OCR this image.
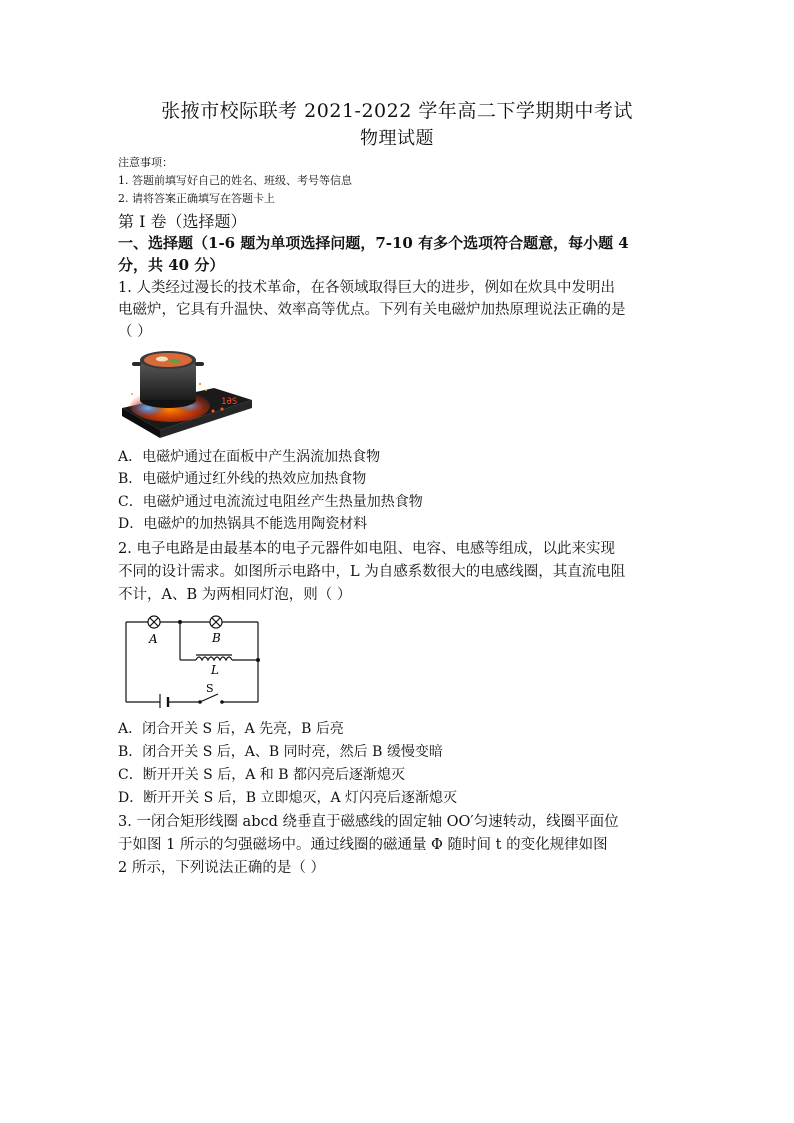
张掖市校际联考 2021-2022 学年高二下学期期中考试
物理试题
注意事项：
1. 答题前填写好自己的姓名、班级、考号等信息
2. 请将答案正确填写在答题卡上
第 I 卷（选择题）
一、选择题（1-6 题为单项选择问题，7-10 有多个选项符合题意，每小题 4
分，共 40 分）
1. 人类经过漫长的技术革命，在各领域取得巨大的进步，例如在炊具中发明出
电磁炉，它具有升温快、效率高等优点。下列有关电磁炉加热原理说法正确的是
（ ）
1ƏS
A．电磁炉通过在面板中产生涡流加热食物
B．电磁炉通过红外线的热效应加热食物
C．电磁炉通过电流流过电阻丝产生热量加热食物
D．电磁炉的加热锅具不能选用陶瓷材料
2. 电子电路是由最基本的电子元器件如电阻、电容、电感等组成，以此来实现
不同的设计需求。如图所示电路中，L 为自感系数很大的电感线圈，其直流电阻
不计，A、B 为两相同灯泡，则（ ）
A	B
L
S
A．闭合开关 S 后，A 先亮，B 后亮
B．闭合开关 S 后，A、B 同时亮，然后 B 缓慢变暗
C．断开开关 S 后，A 和 B 都闪亮后逐渐熄灭
D．断开开关 S 后，B 立即熄灭，A 灯闪亮后逐渐熄灭
3. 一闭合矩形线圈 abcd 绕垂直于磁感线的固定轴 OO′匀速转动，线圈平面位
于如图 1 所示的匀强磁场中。通过线圈的磁通量 Φ 随时间 t 的变化规律如图
2 所示，下列说法正确的是（ ）
